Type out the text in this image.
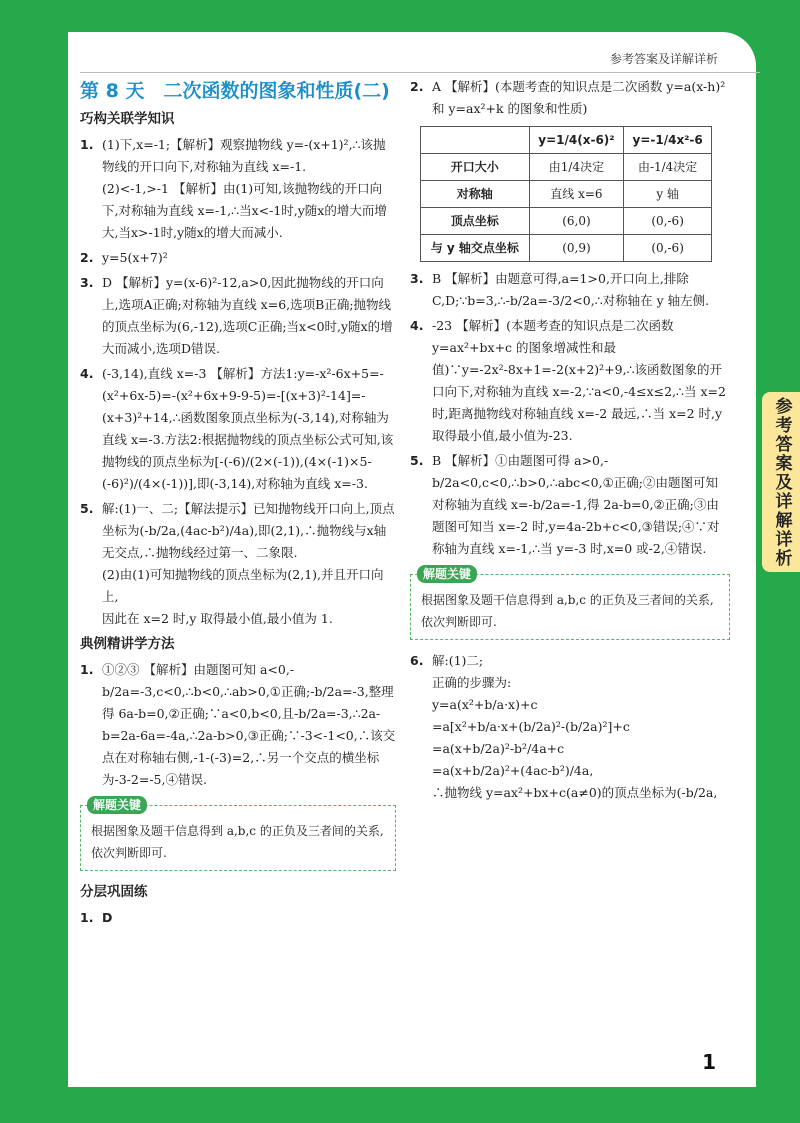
参考答案及详解详析
参考答案及详解详析
第 8 天　二次函数的图象和性质(二)
巧构关联学知识
1. (1)下,x=-1;【解析】观察抛物线 y=-(x+1)²,∴该抛物线的开口向下,对称轴为直线 x=-1.

(2)<-1,>-1 【解析】由(1)可知,该抛物线的开口向下,对称轴为直线 x=-1,∴当x<-1时,y随x的增大而增大,当x>-1时,y随x的增大而减小.

2. y=5(x+7)²

3. D 【解析】y=(x-6)²-12,a>0,因此抛物线的开口向上,选项A正确;对称轴为直线 x=6,选项B正确;抛物线的顶点坐标为(6,-12),选项C正确;当x<0时,y随x的增大而减小,选项D错误.

4. (-3,14),直线 x=-3 【解析】方法1:y=-x²-6x+5=-(x²+6x-5)=-(x²+6x+9-9-5)=-[(x+3)²-14]=-(x+3)²+14,∴函数图象顶点坐标为(-3,14),对称轴为直线 x=-3.方法2:根据抛物线的顶点坐标公式可知,该抛物线的顶点坐标为[-(-6)/(2×(-1)),(4×(-1)×5-(-6)²)/(4×(-1))],即(-3,14),对称轴为直线 x=-3.

5. 解:(1)一、二;【解法提示】已知抛物线开口向上,顶点坐标为(-b/2a,(4ac-b²)/4a),即(2,1),∴抛物线与x轴无交点,∴抛物线经过第一、二象限.

(2)由(1)可知抛物线的顶点坐标为(2,1),并且开口向上,

因此在 x=2 时,y 取得最小值,最小值为 1.

典例精讲学方法
1. ①②③ 【解析】由题图可知 a<0,-b/2a=-3,c<0,∴b<0,∴ab>0,①正确;-b/2a=-3,整理得 6a-b=0,②正确;∵a<0,b<0,且-b/2a=-3,∴2a-b=2a-6a=-4a,∴2a-b>0,③正确;∵-3<-1<0,∴该交点在对称轴右侧,-1-(-3)=2,∴另一个交点的横坐标为-3-2=-5,④错误.

解题关键
根据图象及题干信息得到 a,b,c 的正负及三者间的关系,依次判断即可.
分层巩固练
1. D

2. A 【解析】(本题考查的知识点是二次函数 y=a(x-h)² 和 y=ax²+k 的图象和性质)

	y=1/4(x-6)²	y=-1/4x²-6
开口大小	由1/4决定	由-1/4决定
对称轴	直线 x=6	y 轴
顶点坐标	(6,0)	(0,-6)
与 y 轴交点坐标	(0,9)	(0,-6)
3. B 【解析】由题意可得,a=1>0,开口向上,排除C,D;∵b=3,∴-b/2a=-3/2<0,∴对称轴在 y 轴左侧.

4. -23 【解析】(本题考查的知识点是二次函数 y=ax²+bx+c 的图象增减性和最值)∵y=-2x²-8x+1=-2(x+2)²+9,∴该函数图象的开口向下,对称轴为直线 x=-2,∵a<0,-4≤x≤2,∴当 x=2 时,距离抛物线对称轴直线 x=-2 最远,∴当 x=2 时,y 取得最小值,最小值为-23.

5. B 【解析】①由题图可得 a>0,-b/2a<0,c<0,∴b>0,∴abc<0,①正确;②由题图可知对称轴为直线 x=-b/2a=-1,得 2a-b=0,②正确;③由题图可知当 x=-2 时,y=4a-2b+c<0,③错误;④∵对称轴为直线 x=-1,∴当 y=-3 时,x=0 或-2,④错误.

解题关键
根据图象及题干信息得到 a,b,c 的正负及三者间的关系,依次判断即可.
6. 解:(1)二;

正确的步骤为:

y=a(x²+b/a·x)+c

=a[x²+b/a·x+(b/2a)²-(b/2a)²]+c

=a(x+b/2a)²-b²/4a+c

=a(x+b/2a)²+(4ac-b²)/4a,

∴抛物线 y=ax²+bx+c(a≠0)的顶点坐标为(-b/2a,

1
